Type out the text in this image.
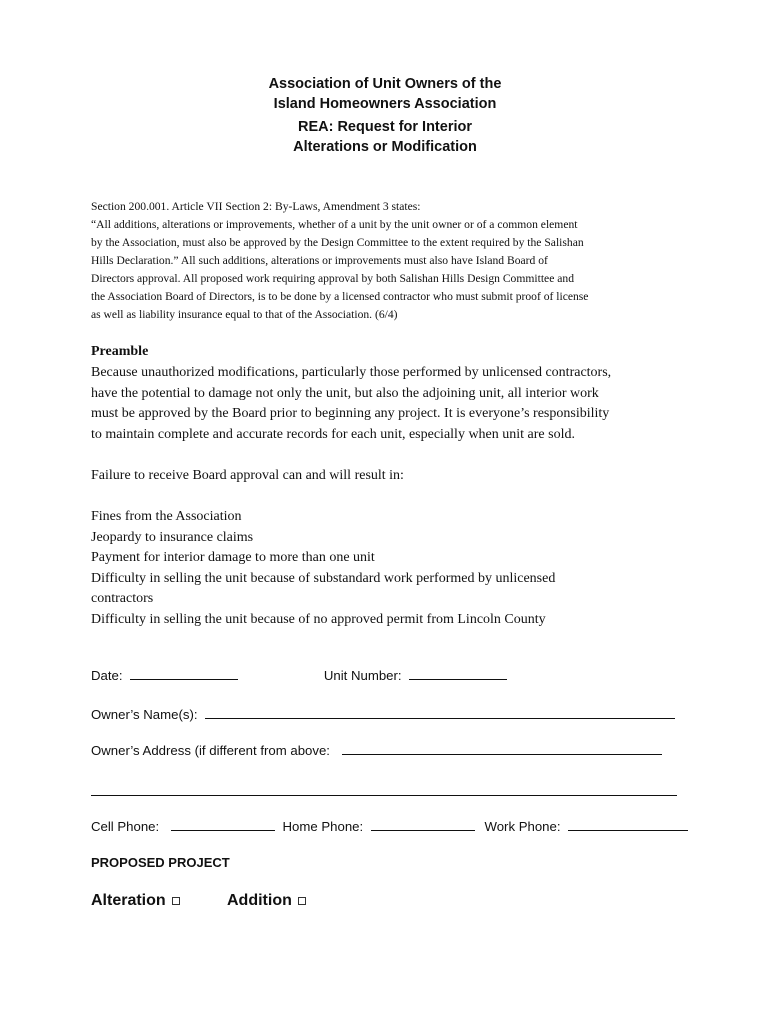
Association of Unit Owners of the
Island Homeowners Association
REA: Request for Interior
Alterations or Modification

Section 200.001. Article VII Section 2: By-Laws, Amendment 3 states:

“All additions, alterations or improvements, whether of a unit by the unit owner or of a common element

by the Association, must also be approved by the Design Committee to the extent required by the Salishan

Hills Declaration.” All such additions, alterations or improvements must also have Island Board of

Directors approval. All proposed work requiring approval by both Salishan Hills Design Committee and

the Association Board of Directors, is to be done by a licensed contractor who must submit proof of license

as well as liability insurance equal to that of the Association. (6/4)

Preamble

Because unauthorized modifications, particularly those performed by unlicensed contractors,

have the potential to damage not only the unit, but also the adjoining unit, all interior work

must be approved by the Board prior to beginning any project. It is everyone’s responsibility

to maintain complete and accurate records for each unit, especially when unit are sold.

Failure to receive Board approval can and will result in:

Fines from the Association

Jeopardy to insurance claims

Payment for interior damage to more than one unit

Difficulty in selling the unit because of substandard work performed by unlicensed

contractors

Difficulty in selling the unit because of no approved permit from Lincoln County

Date:	Unit Number:
Owner’s Name(s):
Owner’s Address (if different from above:
Cell Phone:	Home Phone:	Work Phone:
PROPOSED PROJECT
Alteration	Addition
